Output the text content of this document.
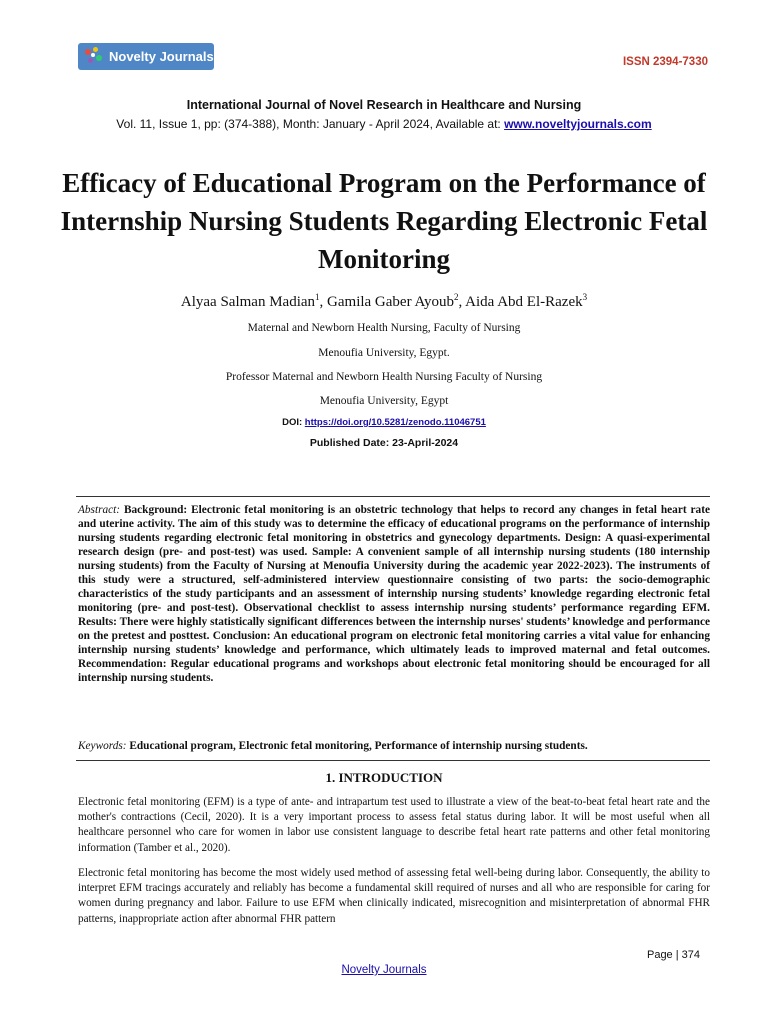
Novelty Journals	ISSN 2394-7330
International Journal of Novel Research in Healthcare and Nursing
Vol. 11, Issue 1, pp: (374-388), Month: January - April 2024, Available at: www.noveltyjournals.com
Efficacy of Educational Program on the Performance of Internship Nursing Students Regarding Electronic Fetal Monitoring
Alyaa Salman Madian$^1$, Gamila Gaber Ayoub$^2$, Aida Abd El-Razek$^3$
Maternal and Newborn Health Nursing, Faculty of Nursing
Menoufia University, Egypt.
Professor Maternal and Newborn Health Nursing Faculty of Nursing
Menoufia University, Egypt
DOI: https://doi.org/10.5281/zenodo.11046751
Published Date: 23-April-2024
Abstract: Background: Electronic fetal monitoring is an obstetric technology that helps to record any changes in fetal heart rate and uterine activity. The aim of this study was to determine the efficacy of educational programs on the performance of internship nursing students regarding electronic fetal monitoring in obstetrics and gynecology departments. Design: A quasi-experimental research design (pre- and post-test) was used. Sample: A convenient sample of all internship nursing students (180 internship nursing students) from the Faculty of Nursing at Menoufia University during the academic year 2022-2023). The instruments of this study were a structured, self-administered interview questionnaire consisting of two parts: the socio-demographic characteristics of the study participants and an assessment of internship nursing students’ knowledge regarding electronic fetal monitoring (pre- and post-test). Observational checklist to assess internship nursing students’ performance regarding EFM. Results: There were highly statistically significant differences between the internship nurses' students’ knowledge and performance on the pretest and posttest. Conclusion: An educational program on electronic fetal monitoring carries a vital value for enhancing internship nursing students’ knowledge and performance, which ultimately leads to improved maternal and fetal outcomes. Recommendation: Regular educational programs and workshops about electronic fetal monitoring should be encouraged for all internship nursing students.
Keywords: Educational program, Electronic fetal monitoring, Performance of internship nursing students.
1. INTRODUCTION
Electronic fetal monitoring (EFM) is a type of ante- and intrapartum test used to illustrate a view of the beat-to-beat fetal heart rate and the mother's contractions (Cecil, 2020). It is a very important process to assess fetal status during labor. It will be most useful when all healthcare personnel who care for women in labor use consistent language to describe fetal heart rate patterns and other fetal monitoring information (Tamber et al., 2020).
Electronic fetal monitoring has become the most widely used method of assessing fetal well-being during labor. Consequently, the ability to interpret EFM tracings accurately and reliably has become a fundamental skill required of nurses and all who are responsible for caring for women during pregnancy and labor. Failure to use EFM when clinically indicated, misrecognition and misinterpretation of abnormal FHR patterns, inappropriate action after abnormal FHR pattern
Page | 374
Novelty Journals
